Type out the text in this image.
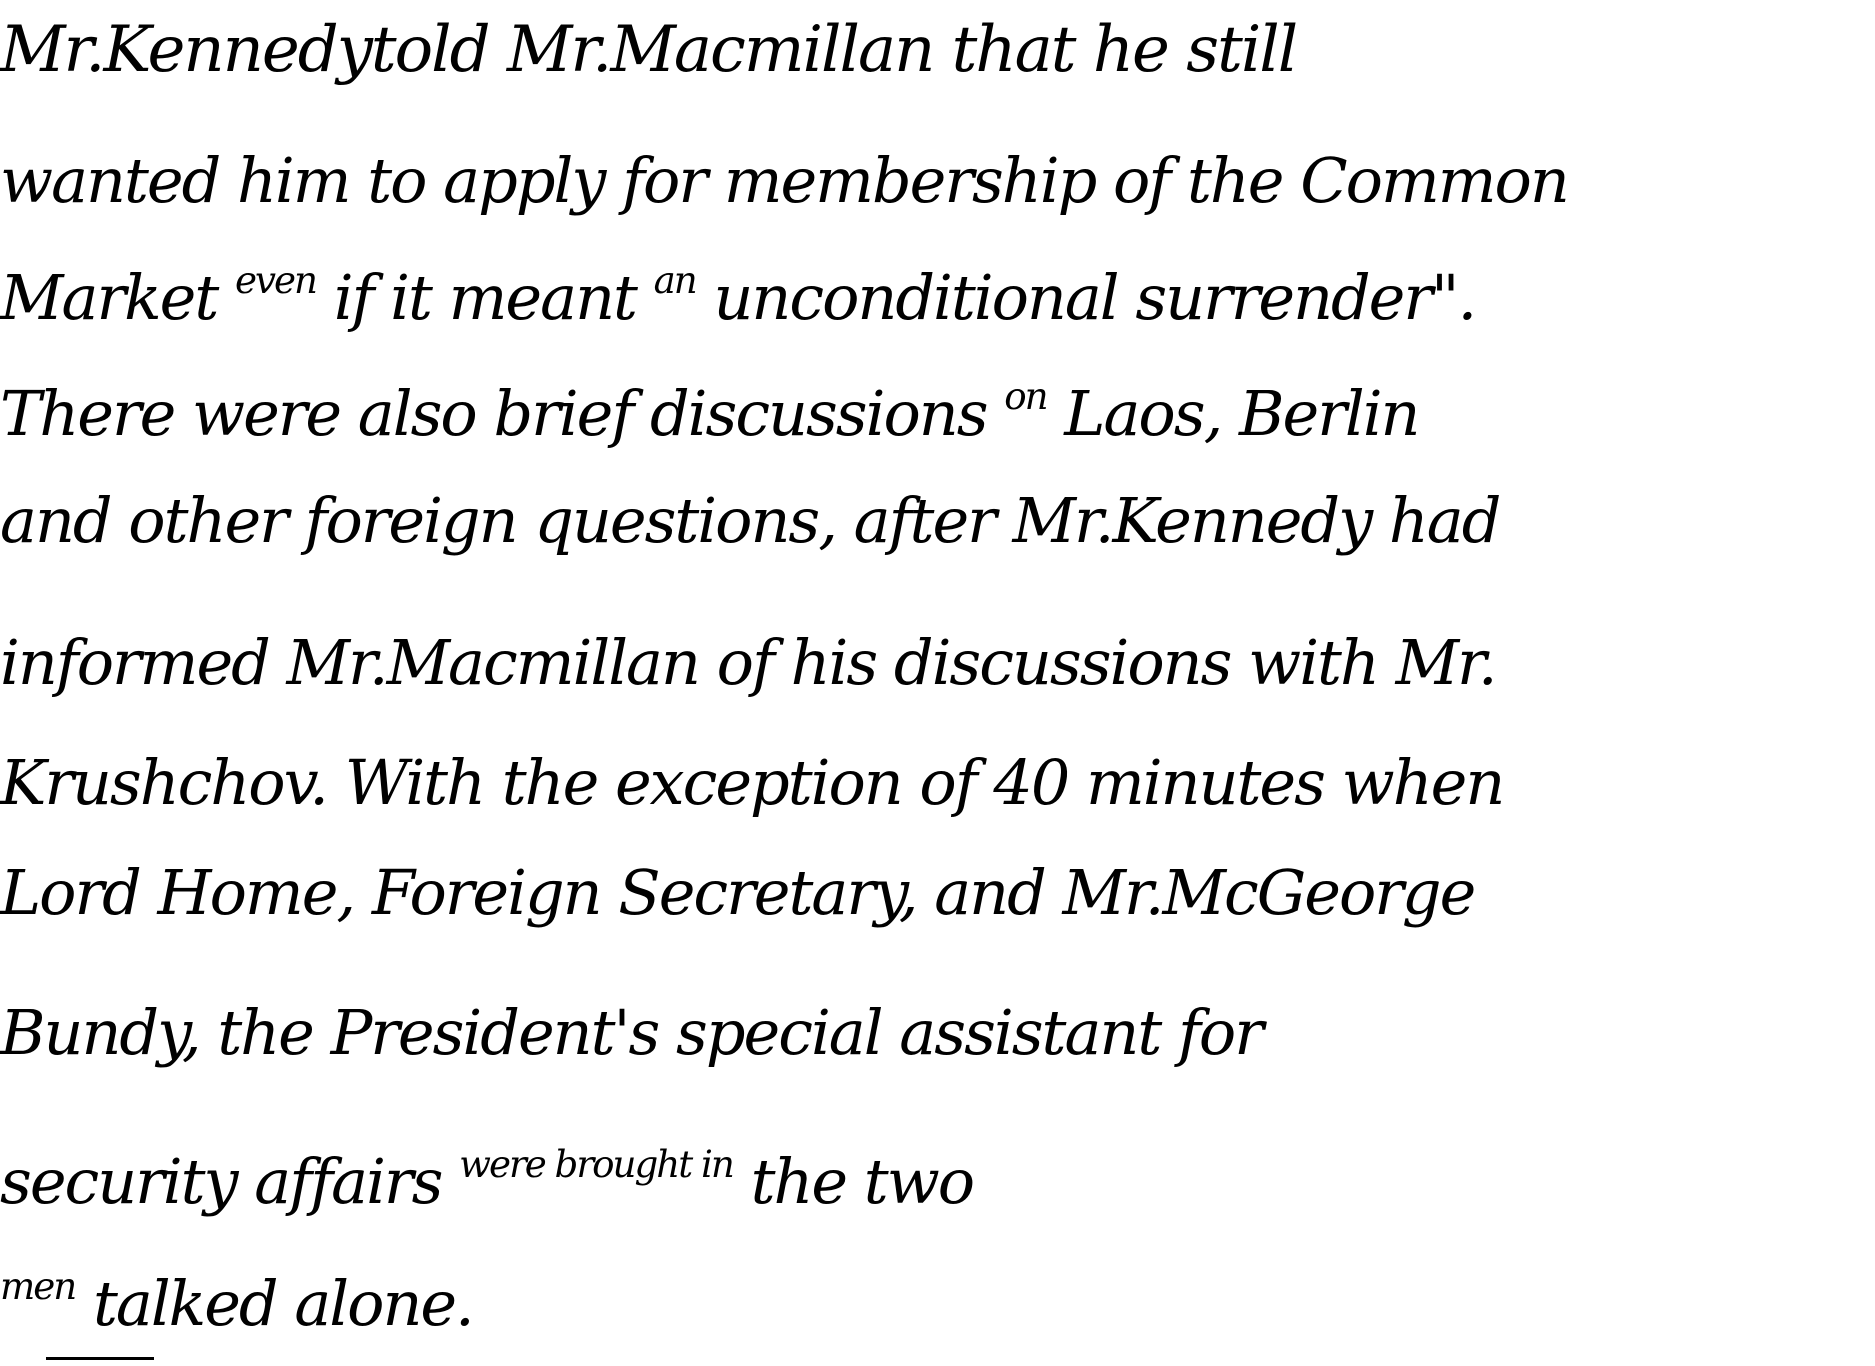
Mr.Kennedytold Mr.Macmillan that he still
wanted him to apply for membership of the Common
Market $^{even}$ if it meant $^{an}$ unconditional surrender".
There were also brief discussions $^{on}$ Laos, Berlin
and other foreign questions, after Mr.Kennedy had
informed Mr.Macmillan of his discussions with Mr.
Krushchov. With the exception of 40 minutes when
Lord Home, Foreign Secretary, and Mr.McGeorge
Bundy, the President's special assistant for
security affairs $^{were brought in}$ the two
$^{men}$ talked alone.
